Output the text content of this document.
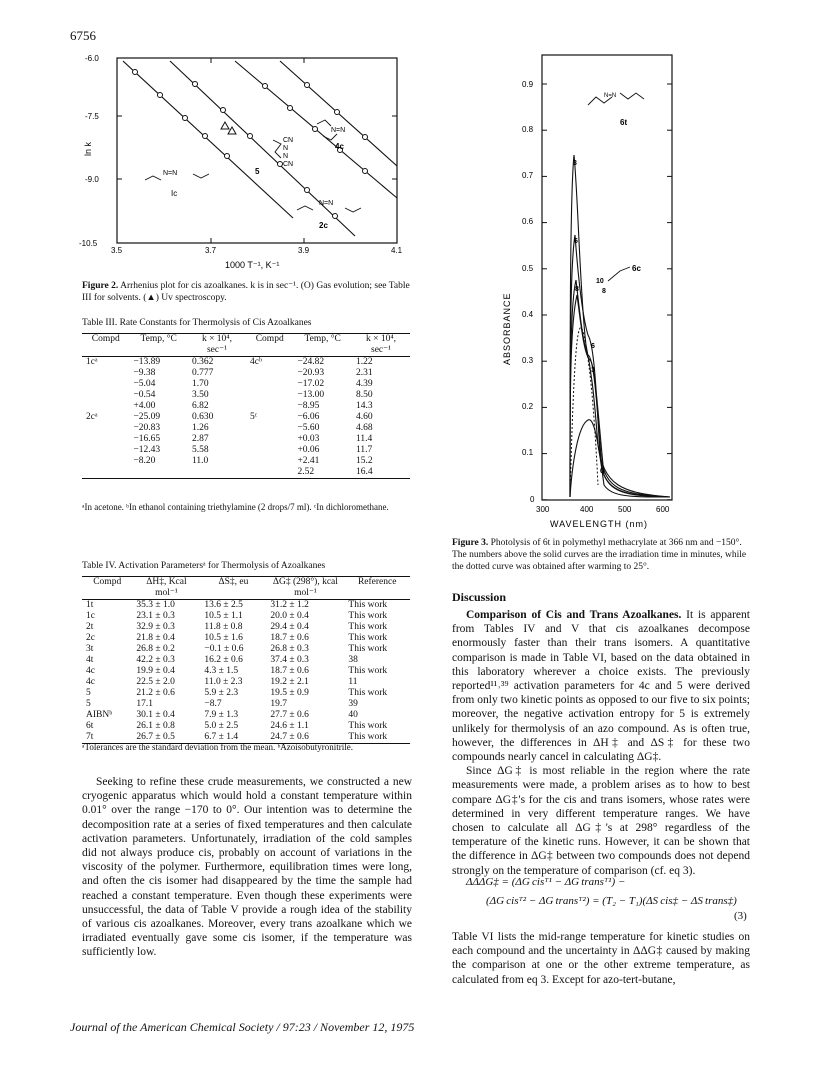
6756
-6.0
-7.5
-9.0
-10.5
ln k
3.5	3.7	3.9	4.1
1000 T⁻¹, K⁻¹
N=N
CN
N
N
CN
N=N
N=N
Ic
5
4c
2c
Figure 2. Arrhenius plot for cis azoalkanes. k is in sec⁻¹. (O) Gas evolution; see Table III for solvents. (▲) Uv spectroscopy.
Table III. Rate Constants for Thermolysis of Cis Azoalkanes
Compd	Temp, °C	k × 10⁴, sec⁻¹	Compd	Temp, °C	k × 10⁴, sec⁻¹
1cᵃ	−13.89	0.362	4cᵇ	−24.82	1.22
	−9.38	0.777		−20.93	2.31
	−5.04	1.70		−17.02	4.39
	−0.54	3.50		−13.00	8.50
	+4.00	6.82		−8.95	14.3
2cᵃ	−25.09	0.630	5ᶜ	−6.06	4.60
	−20.83	1.26		−5.60	4.68
	−16.65	2.87		+0.03	11.4
	−12.43	5.58		+0.06	11.7
	−8.20	11.0		+2.41	15.2
				2.52	16.4
ᵃIn acetone. ᵇIn ethanol containing triethylamine (2 drops/7 ml). ᶜIn dichloromethane.
Table IV. Activation Parametersᵃ for Thermolysis of Azoalkanes
Compd	ΔH‡, Kcal mol⁻¹	ΔS‡, eu	ΔG‡ (298°), kcal mol⁻¹	Reference
1t	35.3 ± 1.0	13.6 ± 2.5	31.2 ± 1.2	This work
1c	23.1 ± 0.3	10.5 ± 1.1	20.0 ± 0.4	This work
2t	32.9 ± 0.3	11.8 ± 0.8	29.4 ± 0.4	This work
2c	21.8 ± 0.4	10.5 ± 1.6	18.7 ± 0.6	This work
3t	26.8 ± 0.2	−0.1 ± 0.6	26.8 ± 0.3	This work
4t	42.2 ± 0.3	16.2 ± 0.6	37.4 ± 0.3	38
4c	19.9 ± 0.4	4.3 ± 1.5	18.7 ± 0.6	This work
4c	22.5 ± 2.0	11.0 ± 2.3	19.2 ± 2.1	11
5	21.2 ± 0.6	5.9 ± 2.3	19.5 ± 0.9	This work
5	17.1	−8.7	19.7	39
AIBNᵇ	30.1 ± 0.4	7.9 ± 1.3	27.7 ± 0.6	40
6t	26.1 ± 0.8	5.0 ± 2.5	24.6 ± 1.1	This work
7t	26.7 ± 0.5	6.7 ± 1.4	24.7 ± 0.6	This work
ᵃTolerances are the standard deviation from the mean. ᵇAzoisobutyronitrile.

Seeking to refine these crude measurements, we constructed a new cryogenic apparatus which would hold a constant temperature within 0.01° over the range −170 to 0°. Our intention was to determine the decomposition rate at a series of fixed temperatures and then calculate activation parameters. Unfortunately, irradiation of the cold samples did not always produce cis, probably on account of variations in the viscosity of the polymer. Furthermore, equilibration times were long, and often the cis isomer had disappeared by the time the sample had reached a constant temperature. Even though these experiments were unsuccessful, the data of Table V provide a rough idea of the stability of various cis azoalkanes. Moreover, every trans azoalkane which we irradiated eventually gave some cis isomer, if the temperature was sufficiently low.

ABSORBANCE
0.9
0.8
0.7
0.6
0.5
0.4
0.3
0.2
0.1
0
300	400	500	600
WAVELENGTH (nm)
3
6
8
10
8
6
3
0
N=N
6t
6c
Figure 3. Photolysis of 6t in polymethyl methacrylate at 366 nm and −150°. The numbers above the solid curves are the irradiation time in minutes, while the dotted curve was obtained after warming to 25°.
Discussion

Comparison of Cis and Trans Azoalkanes. It is apparent from Tables IV and V that cis azoalkanes decompose enormously faster than their trans isomers. A quantitative comparison is made in Table VI, based on the data obtained in this laboratory wherever a choice exists. The previously reported¹¹˒³⁹ activation parameters for 4c and 5 were derived from only two kinetic points as opposed to our five to six points; moreover, the negative activation entropy for 5 is extremely unlikely for thermolysis of an azo compound. As is often true, however, the differences in ΔH‡ and ΔS‡ for these two compounds nearly cancel in calculating ΔG‡.

Since ΔG‡ is most reliable in the region where the rate measurements were made, a problem arises as to how to best compare ΔG‡'s for the cis and trans isomers, whose rates were determined in very different temperature ranges. We have chosen to calculate all ΔG‡'s at 298° regardless of the temperature of the kinetic runs. However, it can be shown that the difference in ΔG‡ between two compounds does not depend strongly on the temperature of comparison (cf. eq 3).

ΔΔΔG‡ = (ΔG cisᵀ¹ − ΔG transᵀ¹) −
(ΔG cisᵀ² − ΔG transᵀ²) = (T₂ − T₁)(ΔS cis‡ − ΔS trans‡)
(3)

Table VI lists the mid-range temperature for kinetic studies on each compound and the uncertainty in ΔΔG‡ caused by making the comparison at one or the other extreme temperature, as calculated from eq 3. Except for azo-tert-butane,

Journal of the American Chemical Society / 97:23 / November 12, 1975
